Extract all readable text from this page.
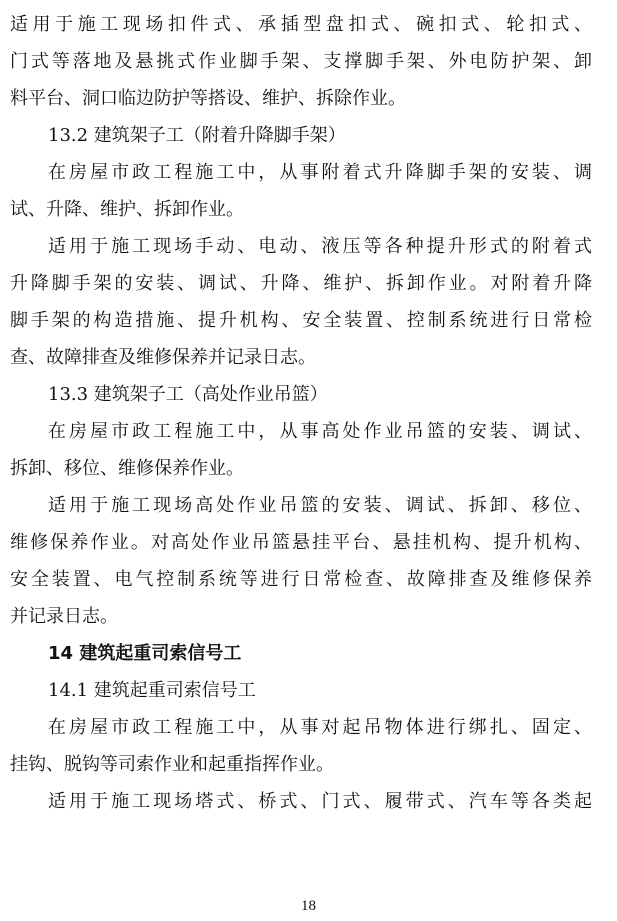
适用于施工现场扣件式、承插型盘扣式、碗扣式、轮扣式、
门式等落地及悬挑式作业脚手架、支撑脚手架、外电防护架、卸
料平台、洞口临边防护等搭设、维护、拆除作业。
13.2 建筑架子工（附着升降脚手架）
在房屋市政工程施工中，从事附着式升降脚手架的安装、调
试、升降、维护、拆卸作业。
适用于施工现场手动、电动、液压等各种提升形式的附着式
升降脚手架的安装、调试、升降、维护、拆卸作业。对附着升降
脚手架的构造措施、提升机构、安全装置、控制系统进行日常检
查、故障排查及维修保养并记录日志。
13.3 建筑架子工（高处作业吊篮）
在房屋市政工程施工中，从事高处作业吊篮的安装、调试、
拆卸、移位、维修保养作业。
适用于施工现场高处作业吊篮的安装、调试、拆卸、移位、
维修保养作业。对高处作业吊篮悬挂平台、悬挂机构、提升机构、
安全装置、电气控制系统等进行日常检查、故障排查及维修保养
并记录日志。
14 建筑起重司索信号工
14.1 建筑起重司索信号工
在房屋市政工程施工中，从事对起吊物体进行绑扎、固定、
挂钩、脱钩等司索作业和起重指挥作业。
适用于施工现场塔式、桥式、门式、履带式、汽车等各类起
18
